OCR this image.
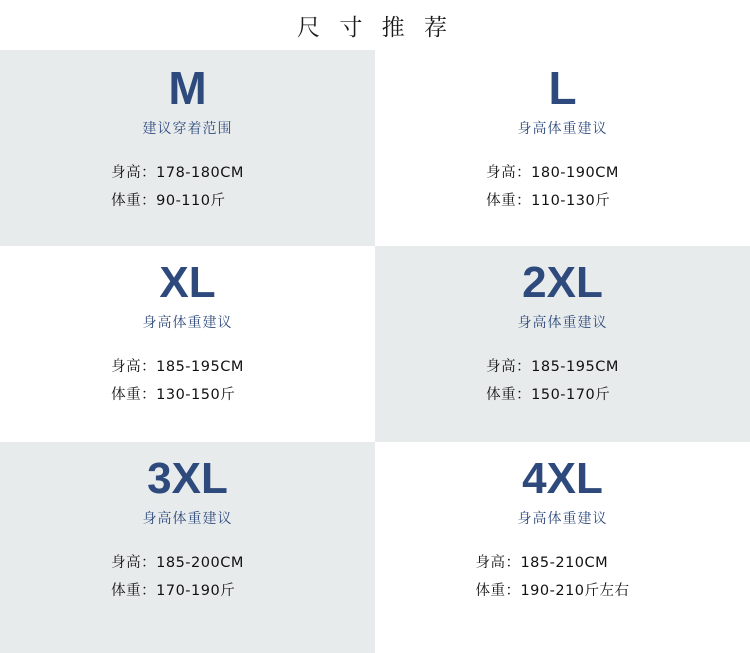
尺 寸 推 荐
M
建议穿着范围
身高：178-180CM
体重：90-110斤
L
身高体重建议
身高：180-190CM
体重：110-130斤
XL
身高体重建议
身高：185-195CM
体重：130-150斤
2XL
身高体重建议
身高：185-195CM
体重：150-170斤
3XL
身高体重建议
身高：185-200CM
体重：170-190斤
4XL
身高体重建议
身高：185-210CM
体重：190-210斤左右
